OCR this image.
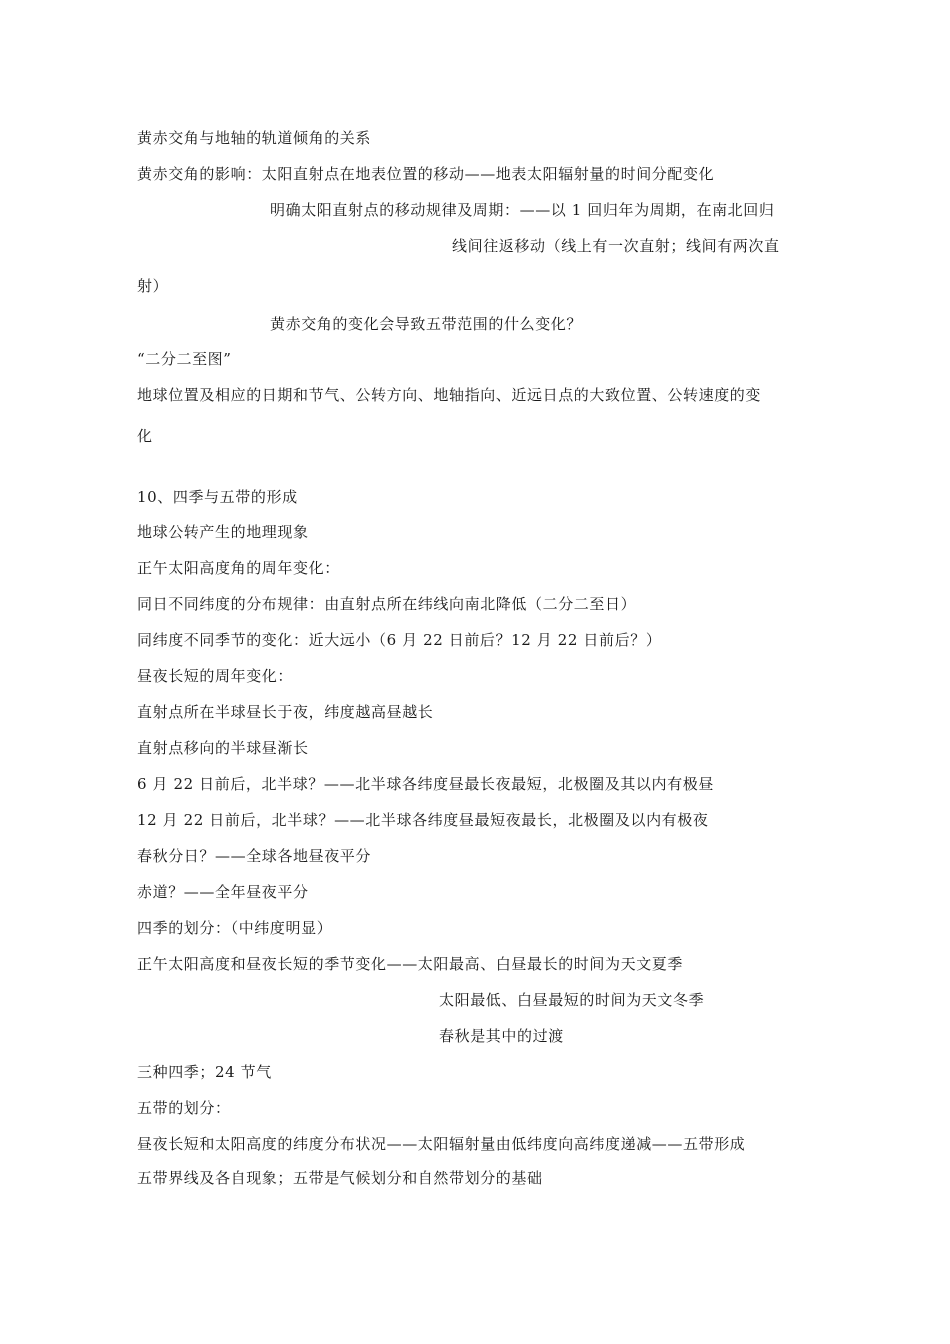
黄赤交角与地轴的轨道倾角的关系
黄赤交角的影响：太阳直射点在地表位置的移动——地表太阳辐射量的时间分配变化
明确太阳直射点的移动规律及周期：——以 1 回归年为周期，在南北回归
线间往返移动（线上有一次直射；线间有两次直
射）
黄赤交角的变化会导致五带范围的什么变化？
“二分二至图”
地球位置及相应的日期和节气、公转方向、地轴指向、近远日点的大致位置、公转速度的变
化
10、四季与五带的形成
地球公转产生的地理现象
正午太阳高度角的周年变化：
同日不同纬度的分布规律：由直射点所在纬线向南北降低（二分二至日）
同纬度不同季节的变化：近大远小（6 月 22 日前后？12 月 22 日前后？）
昼夜长短的周年变化：
直射点所在半球昼长于夜，纬度越高昼越长
直射点移向的半球昼渐长
6 月 22 日前后，北半球？——北半球各纬度昼最长夜最短，北极圈及其以内有极昼
12 月 22 日前后，北半球？——北半球各纬度昼最短夜最长，北极圈及以内有极夜
春秋分日？——全球各地昼夜平分
赤道？——全年昼夜平分
四季的划分：（中纬度明显）
正午太阳高度和昼夜长短的季节变化——太阳最高、白昼最长的时间为天文夏季
太阳最低、白昼最短的时间为天文冬季
春秋是其中的过渡
三种四季；24 节气
五带的划分：
昼夜长短和太阳高度的纬度分布状况——太阳辐射量由低纬度向高纬度递减——五带形成
五带界线及各自现象；五带是气候划分和自然带划分的基础
